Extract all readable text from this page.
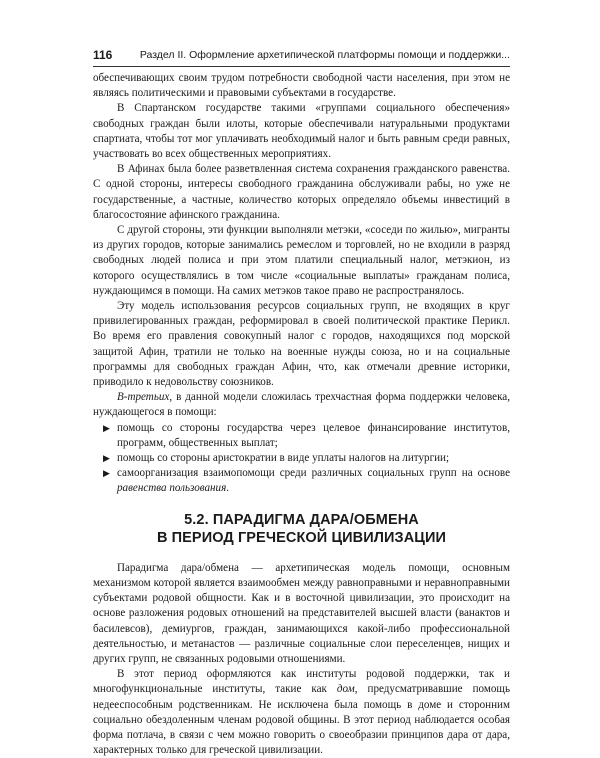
116	Раздел II. Оформление архетипической платформы помощи и поддержки...

обеспечивающих своим трудом потребности свободной части населения, при этом не являясь политическими и правовыми субъектами в государстве.

В Спартанском государстве такими «группами социального обеспечения» свободных граждан были илоты, которые обеспечивали натуральными продуктами спартиата, чтобы тот мог уплачивать необходимый налог и быть равным среди равных, участвовать во всех общественных мероприятиях.

В Афинах была более разветвленная система сохранения гражданского равенства. С одной стороны, интересы свободного гражданина обслуживали рабы, но уже не государственные, а частные, количество которых определяло объемы инвестиций в благосостояние афинского гражданина.

С другой стороны, эти функции выполняли метэки, «соседи по жилью», мигранты из других городов, которые занимались ремеслом и торговлей, но не входили в разряд свободных людей полиса и при этом платили специальный налог, метэкион, из которого осуществлялись в том числе «социальные выплаты» гражданам полиса, нуждающимся в помощи. На самих метэков такое право не распространялось.

Эту модель использования ресурсов социальных групп, не входящих в круг привилегированных граждан, реформировал в своей политической практике Перикл. Во время его правления совокупный налог с городов, находящихся под морской защитой Афин, тратили не только на военные нужды союза, но и на социальные программы для свободных граждан Афин, что, как отмечали древние историки, приводило к недовольству союзников.

В-третьих, в данной модели сложилась трехчастная форма поддержки человека, нуждающегося в помощи:

▶ помощь со стороны государства через целевое финансирование институтов, программ, общественных выплат;
▶ помощь со стороны аристократии в виде уплаты налогов на литургии;
▶ самоорганизация взаимопомощи среди различных социальных групп на основе равенства пользования.
5.2. ПАРАДИГМА ДАРА/ОБМЕНА
В ПЕРИОД ГРЕЧЕСКОЙ ЦИВИЛИЗАЦИИ

Парадигма дара/обмена — архетипическая модель помощи, основным механизмом которой является взаимообмен между равноправными и неравноправными субъектами родовой общности. Как и в восточной цивилизации, это происходит на основе разложения родовых отношений на представителей высшей власти (ванактов и басилевсов), демиургов, граждан, занимающихся какой-либо профессиональной деятельностью, и метанастов — различные социальные слои переселенцев, нищих и других групп, не связанных родовыми отношениями.

В этот период оформляются как институты родовой поддержки, так и многофункциональные институты, такие как дом, предусматривавшие помощь недееспособным родственникам. Не исключена была помощь в доме и сторонним социально обездоленным членам родовой общины. В этот период наблюдается особая форма потлача, в связи с чем можно говорить о своеобразии принципов дара от дара, характерных только для греческой цивилизации.
